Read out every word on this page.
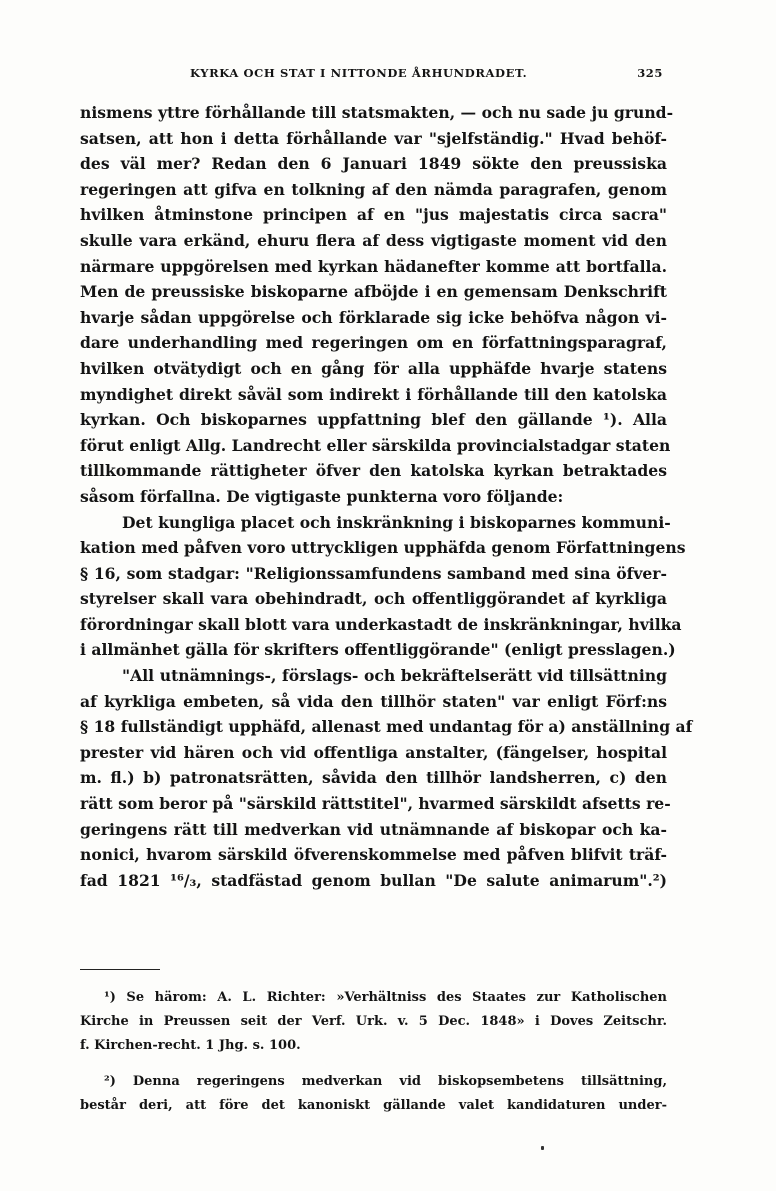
KYRKA OCH STAT I NITTONDE ÅRHUNDRADET.	325
nismens yttre förhållande till statsmakten, — och nu sade ju grund-
satsen, att hon i detta förhållande var "sjelfständig." Hvad behöf-
des väl mer? Redan den 6 Januari 1849 sökte den preussiska
regeringen att gifva en tolkning af den nämda paragrafen, genom
hvilken åtminstone principen af en "jus majestatis circa sacra"
skulle vara erkänd, ehuru flera af dess vigtigaste moment vid den
närmare uppgörelsen med kyrkan hädanefter komme att bortfalla.
Men de preussiske biskoparne afböjde i en gemensam Denkschrift
hvarje sådan uppgörelse och förklarade sig icke behöfva någon vi-
dare underhandling med regeringen om en författningsparagraf,
hvilken otvätydigt och en gång för alla upphäfde hvarje statens
myndighet direkt såväl som indirekt i förhållande till den katolska
kyrkan. Och biskoparnes uppfattning blef den gällande ¹). Alla
förut enligt Allg. Landrecht eller särskilda provincialstadgar staten
tillkommande rättigheter öfver den katolska kyrkan betraktades
såsom förfallna. De vigtigaste punkterna voro följande:
Det kungliga placet och inskränkning i biskoparnes kommuni-
kation med påfven voro uttryckligen upphäfda genom Författningens
§ 16, som stadgar: "Religionssamfundens samband med sina öfver-
styrelser skall vara obehindradt, och offentliggörandet af kyrkliga
förordningar skall blott vara underkastadt de inskränkningar, hvilka
i allmänhet gälla för skrifters offentliggörande" (enligt presslagen.)
"All utnämnings-, förslags- och bekräftelserätt vid tillsättning
af kyrkliga embeten, så vida den tillhör staten" var enligt Förf:ns
§ 18 fullständigt upphäfd, allenast med undantag för a) anställning af
prester vid hären och vid offentliga anstalter, (fängelser, hospital
m. fl.) b) patronatsrätten, såvida den tillhör landsherren, c) den
rätt som beror på "särskild rättstitel", hvarmed särskildt afsetts re-
geringens rätt till medverkan vid utnämnande af biskopar och ka-
nonici, hvarom särskild öfverenskommelse med påfven blifvit träf-
fad 1821 ¹⁶/₃, stadfästad genom bullan "De salute animarum".²)
¹) Se härom: A. L. Richter: »Verhältniss des Staates zur Katholischen
Kirche in Preussen seit der Verf. Urk. v. 5 Dec. 1848» i Doves Zeitschr.
f. Kirchen-recht. 1 Jhg. s. 100.
²) Denna regeringens medverkan vid biskopsembetens tillsättning,
består deri, att före det kanoniskt gällande valet kandidaturen under-
